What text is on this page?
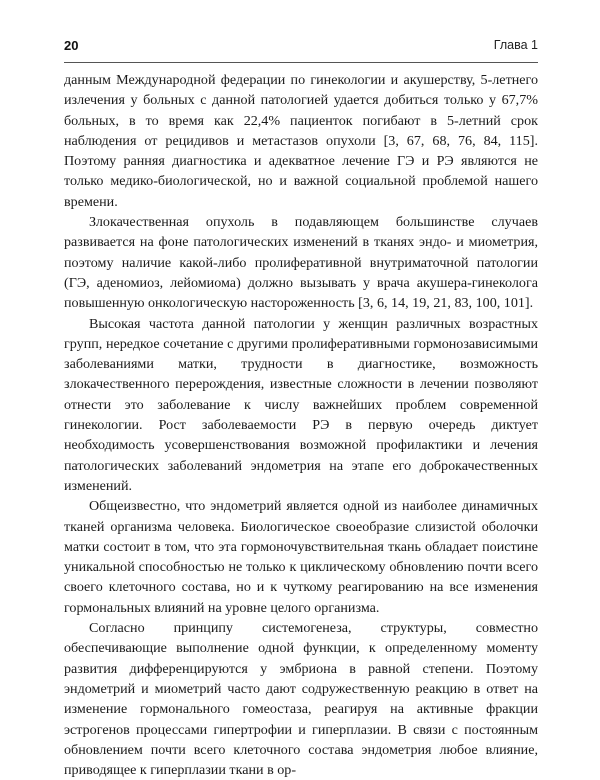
20	Глава 1

данным Международной федерации по гинекологии и акушерству, 5-летнего излечения у больных с данной патологией удается добиться только у 67,7% больных, в то время как 22,4% пациенток погибают в 5-летний срок наблюдения от рецидивов и метастазов опухоли [3, 67, 68, 76, 84, 115]. Поэтому ранняя диагностика и адекватное лечение ГЭ и РЭ являются не только медико-биологической, но и важной социальной проблемой нашего времени.

Злокачественная опухоль в подавляющем большинстве случаев развивается на фоне патологических изменений в тканях эндо- и миометрия, поэтому наличие какой-либо пролиферативной внутриматочной патологии (ГЭ, аденомиоз, лейомиома) должно вызывать у врача акушера-гинеколога повышенную онкологическую настороженность [3, 6, 14, 19, 21, 83, 100, 101].

Высокая частота данной патологии у женщин различных возрастных групп, нередкое сочетание с другими пролиферативными гормонозависимыми заболеваниями матки, трудности в диагностике, возможность злокачественного перерождения, известные сложности в лечении позволяют отнести это заболевание к числу важнейших проблем современной гинекологии. Рост заболеваемости РЭ в первую очередь диктует необходимость усовершенствования возможной профилактики и лечения патологических заболеваний эндометрия на этапе его доброкачественных изменений.

Общеизвестно, что эндометрий является одной из наиболее динамичных тканей организма человека. Биологическое своеобразие слизистой оболочки матки состоит в том, что эта гормоночувствительная ткань обладает поистине уникальной способностью не только к циклическому обновлению почти всего своего клеточного состава, но и к чуткому реагированию на все изменения гормональных влияний на уровне целого организма.

Согласно принципу системогенеза, структуры, совместно обеспечивающие выполнение одной функции, к определенному моменту развития дифференцируются у эмбриона в равной степени. Поэтому эндометрий и миометрий часто дают содружественную реакцию в ответ на изменение гормонального гомеостаза, реагируя на активные фракции эстрогенов процессами гипертрофии и гиперплазии. В связи с постоянным обновлением почти всего клеточного состава эндометрия любое влияние, приводящее к гиперплазии ткани в ор-
